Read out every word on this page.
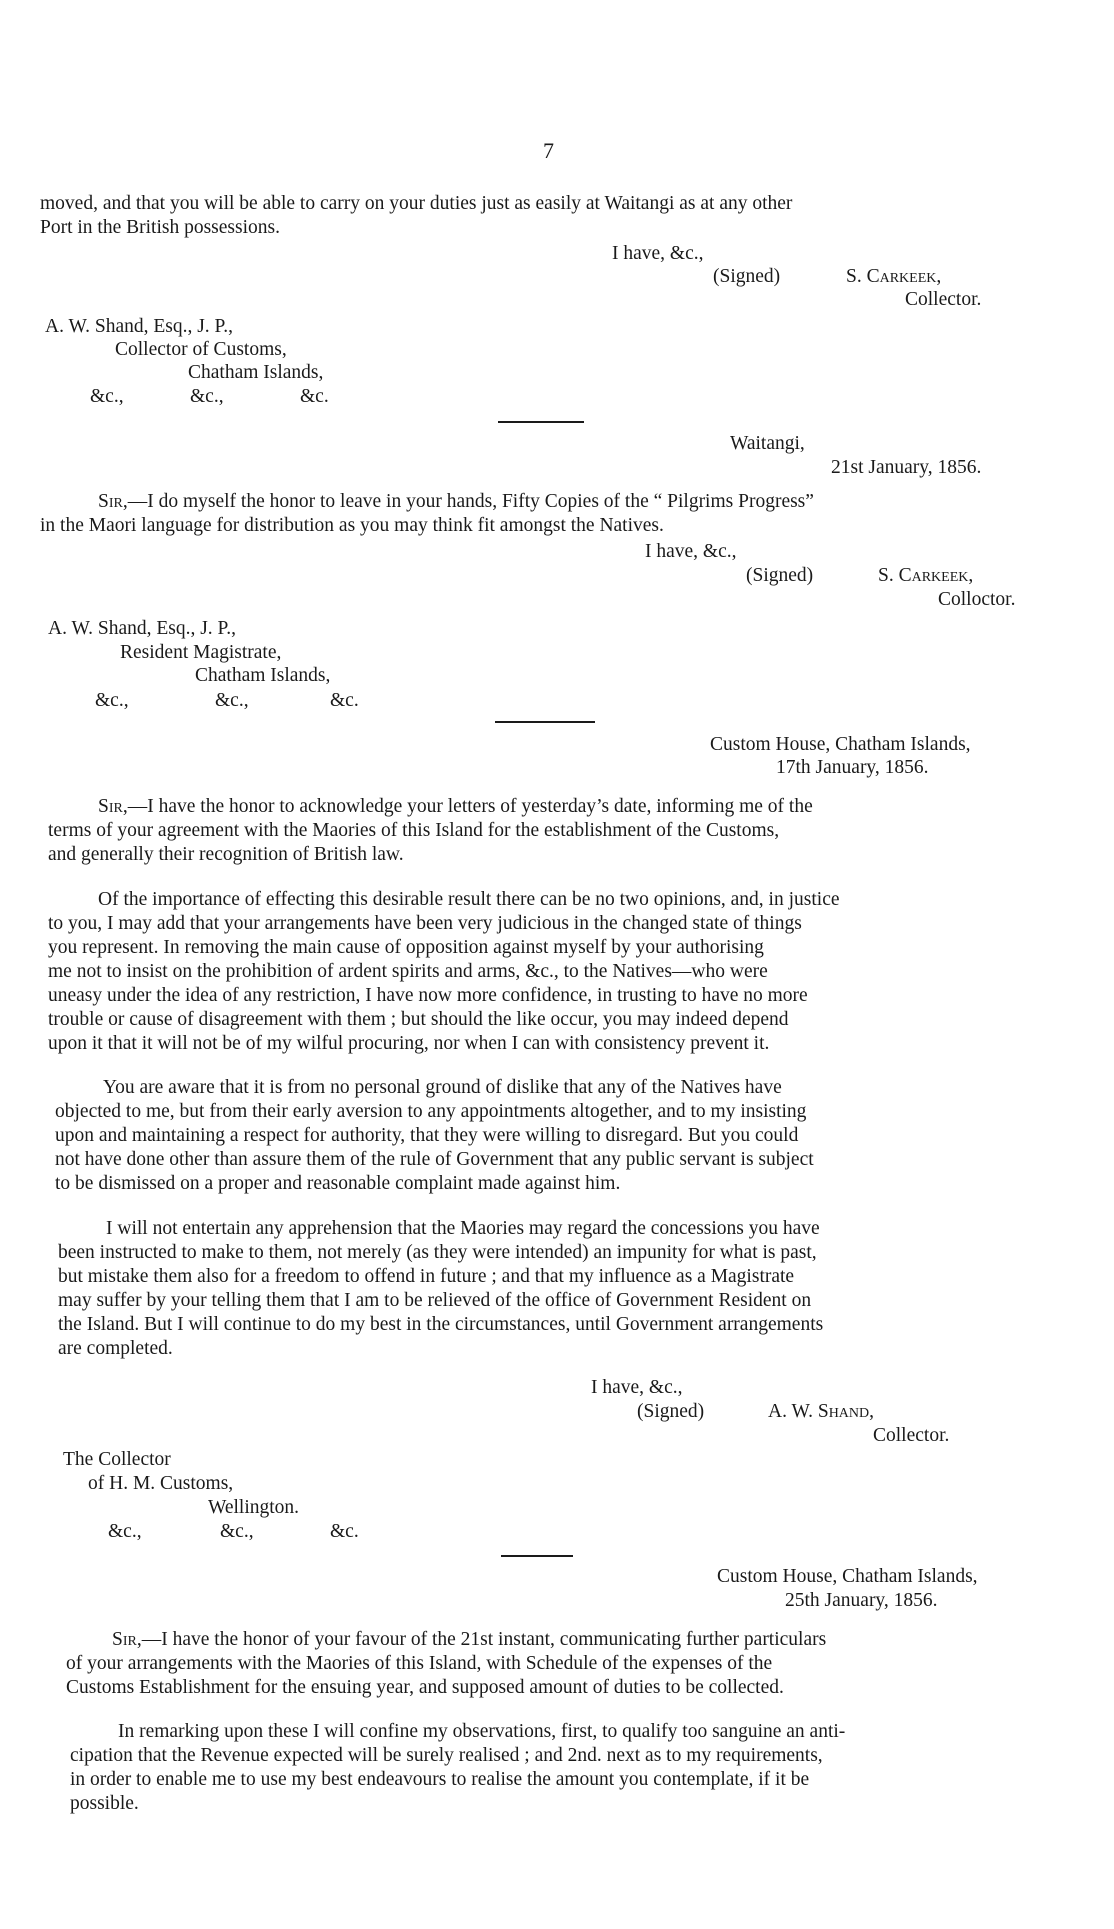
7
moved, and that you will be able to carry on your duties just as easily at Waitangi as at any other
Port in the British possessions.
I have, &c.,
(Signed)	S. Carkeek,
Collector.
A. W. Shand, Esq., J. P.,
Collector of Customs,
Chatham Islands,
&c.,	&c.,	&c.
Waitangi,
21st January, 1856.
Sir,—I do myself the honor to leave in your hands, Fifty Copies of the “ Pilgrims Progress”
in the Maori language for distribution as you may think fit amongst the Natives.
I have, &c.,
(Signed)	S. Carkeek,
Colloctor.
A. W. Shand, Esq., J. P.,
Resident Magistrate,
Chatham Islands,
&c.,	&c.,	&c.
Custom House, Chatham Islands,
17th January, 1856.
Sir,—I have the honor to acknowledge your letters of yesterday’s date, informing me of the
terms of your agreement with the Maories of this Island for the establishment of the Customs,
and generally their recognition of British law.
Of the importance of effecting this desirable result there can be no two opinions, and, in justice
to you, I may add that your arrangements have been very judicious in the changed state of things
you represent. In removing the main cause of opposition against myself by your authorising
me not to insist on the prohibition of ardent spirits and arms, &c., to the Natives—who were
uneasy under the idea of any restriction, I have now more confidence, in trusting to have no more
trouble or cause of disagreement with them ; but should the like occur, you may indeed depend
upon it that it will not be of my wilful procuring, nor when I can with consistency prevent it.
You are aware that it is from no personal ground of dislike that any of the Natives have
objected to me, but from their early aversion to any appointments altogether, and to my insisting
upon and maintaining a respect for authority, that they were willing to disregard. But you could
not have done other than assure them of the rule of Government that any public servant is subject
to be dismissed on a proper and reasonable complaint made against him.
I will not entertain any apprehension that the Maories may regard the concessions you have
been instructed to make to them, not merely (as they were intended) an impunity for what is past,
but mistake them also for a freedom to offend in future ; and that my influence as a Magistrate
may suffer by your telling them that I am to be relieved of the office of Government Resident on
the Island. But I will continue to do my best in the circumstances, until Government arrangements
are completed.
I have, &c.,
(Signed)	A. W. Shand,
Collector.
The Collector
of H. M. Customs,
Wellington.
&c.,	&c.,	&c.
Custom House, Chatham Islands,
25th January, 1856.
Sir,—I have the honor of your favour of the 21st instant, communicating further particulars
of your arrangements with the Maories of this Island, with Schedule of the expenses of the
Customs Establishment for the ensuing year, and supposed amount of duties to be collected.
In remarking upon these I will confine my observations, first, to qualify too sanguine an anti-
cipation that the Revenue expected will be surely realised ; and 2nd. next as to my requirements,
in order to enable me to use my best endeavours to realise the amount you contemplate, if it be
possible.
